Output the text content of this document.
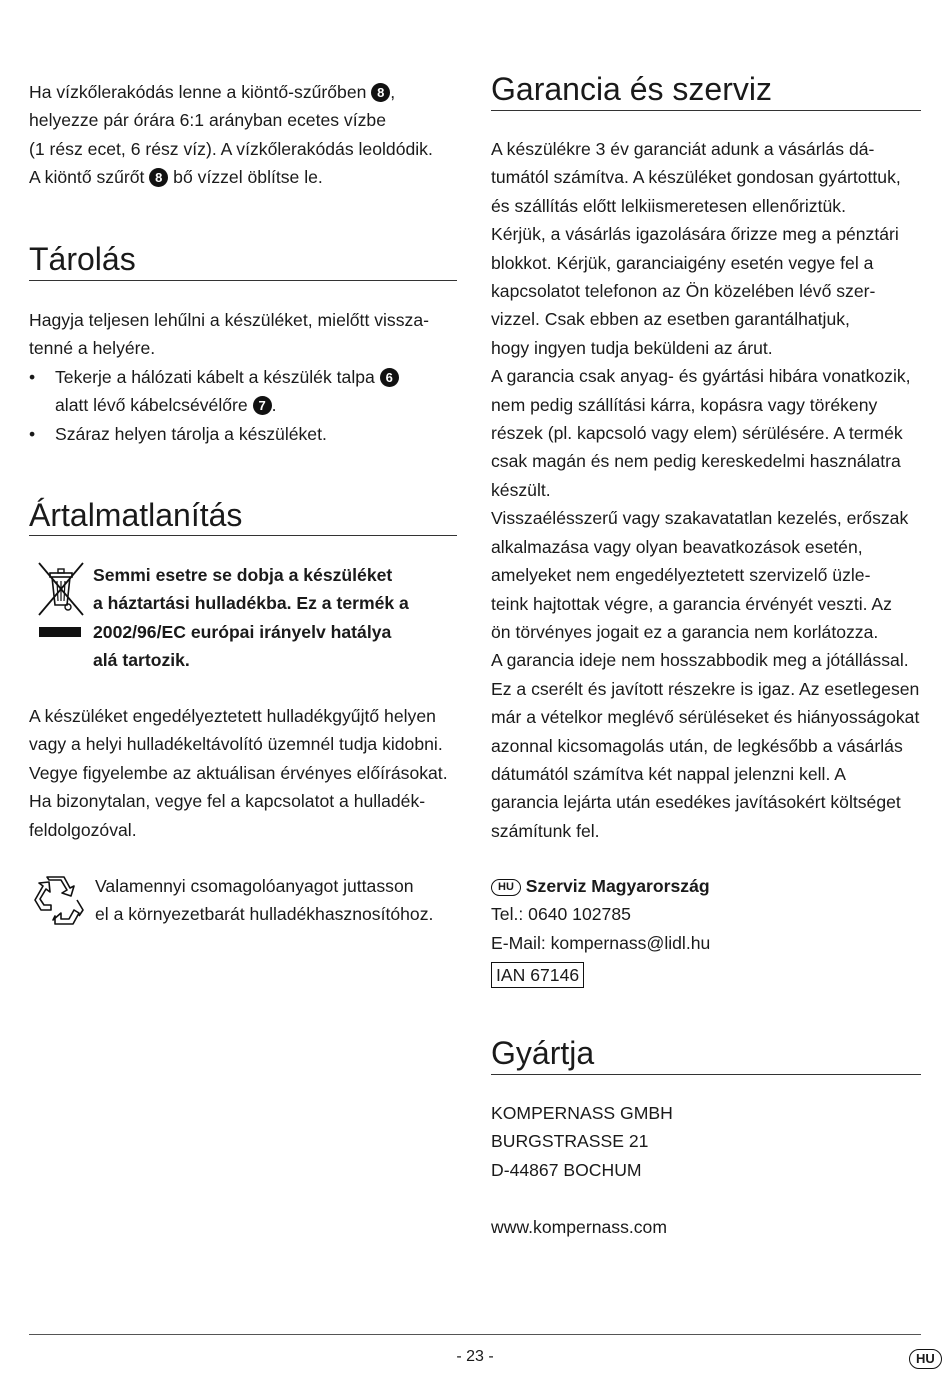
Ha vízkőlerakódás lenne a kiöntő-szűrőben 8 ,
helyezze pár órára 6:1 arányban ecetes vízbe
(1 rész ecet, 6 rész víz). A vízkőlerakódás leoldódik.
A kiöntő szűrőt 8 bő vízzel öblítse le.
Tárolás
Hagyja teljesen lehűlni a készüléket, mielőtt vissza-
tenné a helyére.
• Tekerje a hálózati kábelt a készülék talpa 6
alatt lévő kábelcsévélőre 7 .
• Száraz helyen tárolja a készüléket.
Ártalmatlanítás
Semmi esetre se dobja a készüléket
a háztartási hulladékba. Ez a termék a
2002/96/EC európai irányelv hatálya
alá tartozik.
A készüléket engedélyeztetett hulladékgyűjtő helyen
vagy a helyi hulladékeltávolító üzemnél tudja kidobni.
Vegye figyelembe az aktuálisan érvényes előírásokat.
Ha bizonytalan, vegye fel a kapcsolatot a hulladék-
feldolgozóval.
Valamennyi csomagolóanyagot juttasson
el a környezetbarát hulladékhasznosítóhoz.
Garancia és szerviz
A készülékre 3 év garanciát adunk a vásárlás dá-
tumától számítva. A készüléket gondosan gyártottuk,
és szállítás előtt lelkiismeretesen ellenőriztük.
Kérjük, a vásárlás igazolására őrizze meg a pénztári
blokkot. Kérjük, garanciaigény esetén vegye fel a
kapcsolatot telefonon az Ön közelében lévő szer-
vizzel. Csak ebben az esetben garantálhatjuk,
hogy ingyen tudja beküldeni az árut.
A garancia csak anyag- és gyártási hibára vonatkozik,
nem pedig szállítási kárra, kopásra vagy törékeny
részek (pl. kapcsoló vagy elem) sérülésére. A termék
csak magán és nem pedig kereskedelmi használatra
készült.
Visszaélésszerű vagy szakavatatlan kezelés, erőszak
alkalmazása vagy olyan beavatkozások esetén,
amelyeket nem engedélyeztetett szervizelő üzle-
teink hajtottak végre, a garancia érvényét veszti. Az
ön törvényes jogait ez a garancia nem korlátozza.
A garancia ideje nem hosszabbodik meg a jótállással.
Ez a cserélt és javított részekre is igaz. Az esetlegesen
már a vételkor meglévő sérüléseket és hiányosságokat
azonnal kicsomagolás után, de legkésőbb a vásárlás
dátumától számítva két nappal jelenzni kell. A
garancia lejárta után esedékes javításokért költséget
számítunk fel.
HU Szerviz Magyarország
Tel.: 0640 102785
E-Mail: kompernass@lidl.hu
IAN 67146
Gyártja
KOMPERNASS GMBH
BURGSTRASSE 21
D-44867 BOCHUM
www.kompernass.com
- 23 -	HU
